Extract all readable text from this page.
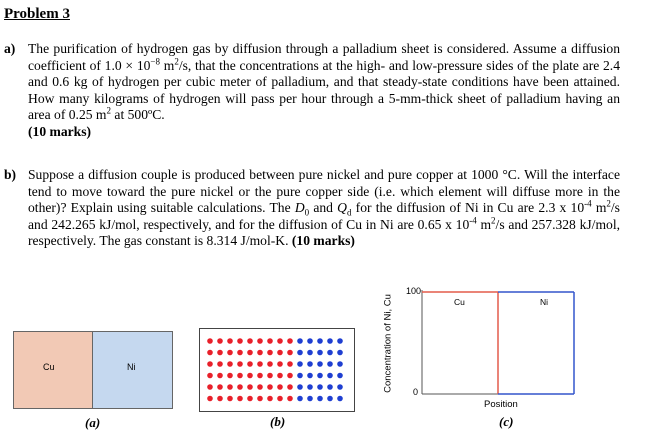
Problem 3
a) The purification of hydrogen gas by diffusion through a palladium sheet is considered. Assume a diffusion coefficient of $1.0 \times 10^{-8}$ $m^2/s$, that the concentrations at the high- and low-pressure sides of the plate are 2.4 and 0.6 kg of hydrogen per cubic meter of palladium, and that steady-state conditions have been attained. How many kilograms of hydrogen will pass per hour through a 5-mm-thick sheet of palladium having an area of 0.25 $m^2$ at 500ºC.
(10 marks)

b) Suppose a diffusion couple is produced between pure nickel and pure copper at 1000 °C. Will the interface tend to move toward the pure nickel or the pure copper side (i.e. which element will diffuse more in the other)? Explain using suitable calculations. The $D_0$ and $Q_d$ for the diffusion of Ni in Cu are 2.3 x $10^{-4}$ $m^2/s$ and 242.265 kJ/mol, respectively, and for the diffusion of Cu in Ni are 0.65 x $10^{-4}$ $m^2/s$ and 257.328 kJ/mol, respectively. The gas constant is 8.314 J/mol-K. (10 marks)

Cu	Ni
(a)	(b)
Concentration of Ni, Cu
100
0
Cu	Ni
Position
(c)
